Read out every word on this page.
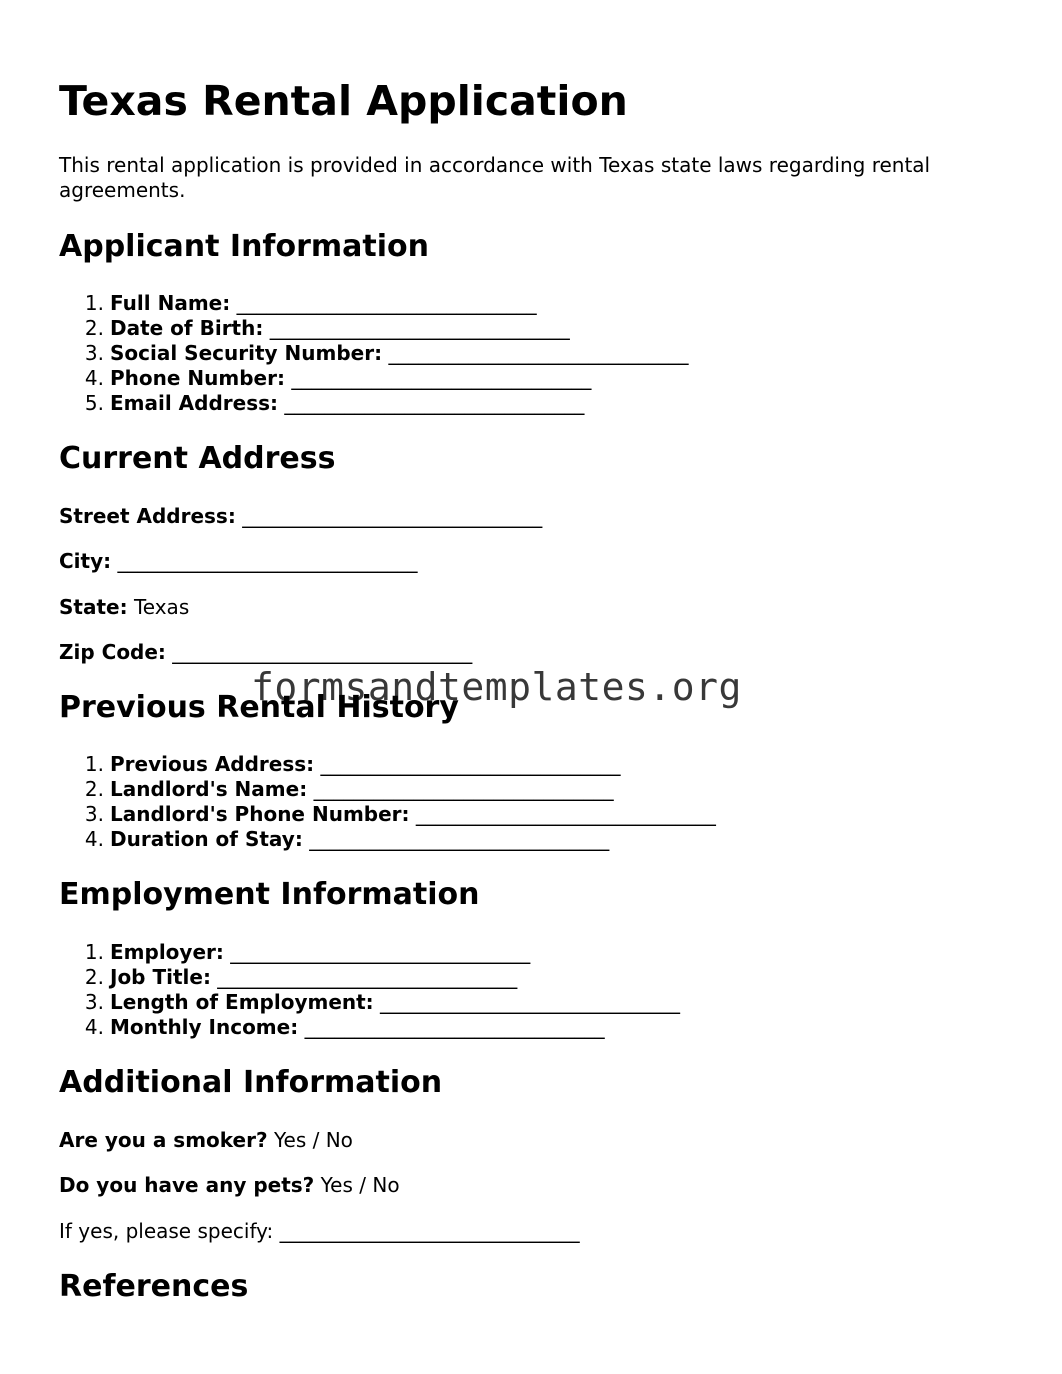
Texas Rental Application

This rental application is provided in accordance with Texas state laws regarding rental agreements.

Applicant Information
1. Full Name: ______________________________
2. Date of Birth: ______________________________
3. Social Security Number: ______________________________
4. Phone Number: ______________________________
5. Email Address: ______________________________
Current Address

Street Address: ______________________________

City: ______________________________

State: Texas

Zip Code: ______________________________

Previous Rental History
1. Previous Address: ______________________________
2. Landlord's Name: ______________________________
3. Landlord's Phone Number: ______________________________
4. Duration of Stay: ______________________________
Employment Information
1. Employer: ______________________________
2. Job Title: ______________________________
3. Length of Employment: ______________________________
4. Monthly Income: ______________________________
Additional Information

Are you a smoker? Yes / No

Do you have any pets? Yes / No

If yes, please specify: ______________________________

References
formsandtemplates.org
